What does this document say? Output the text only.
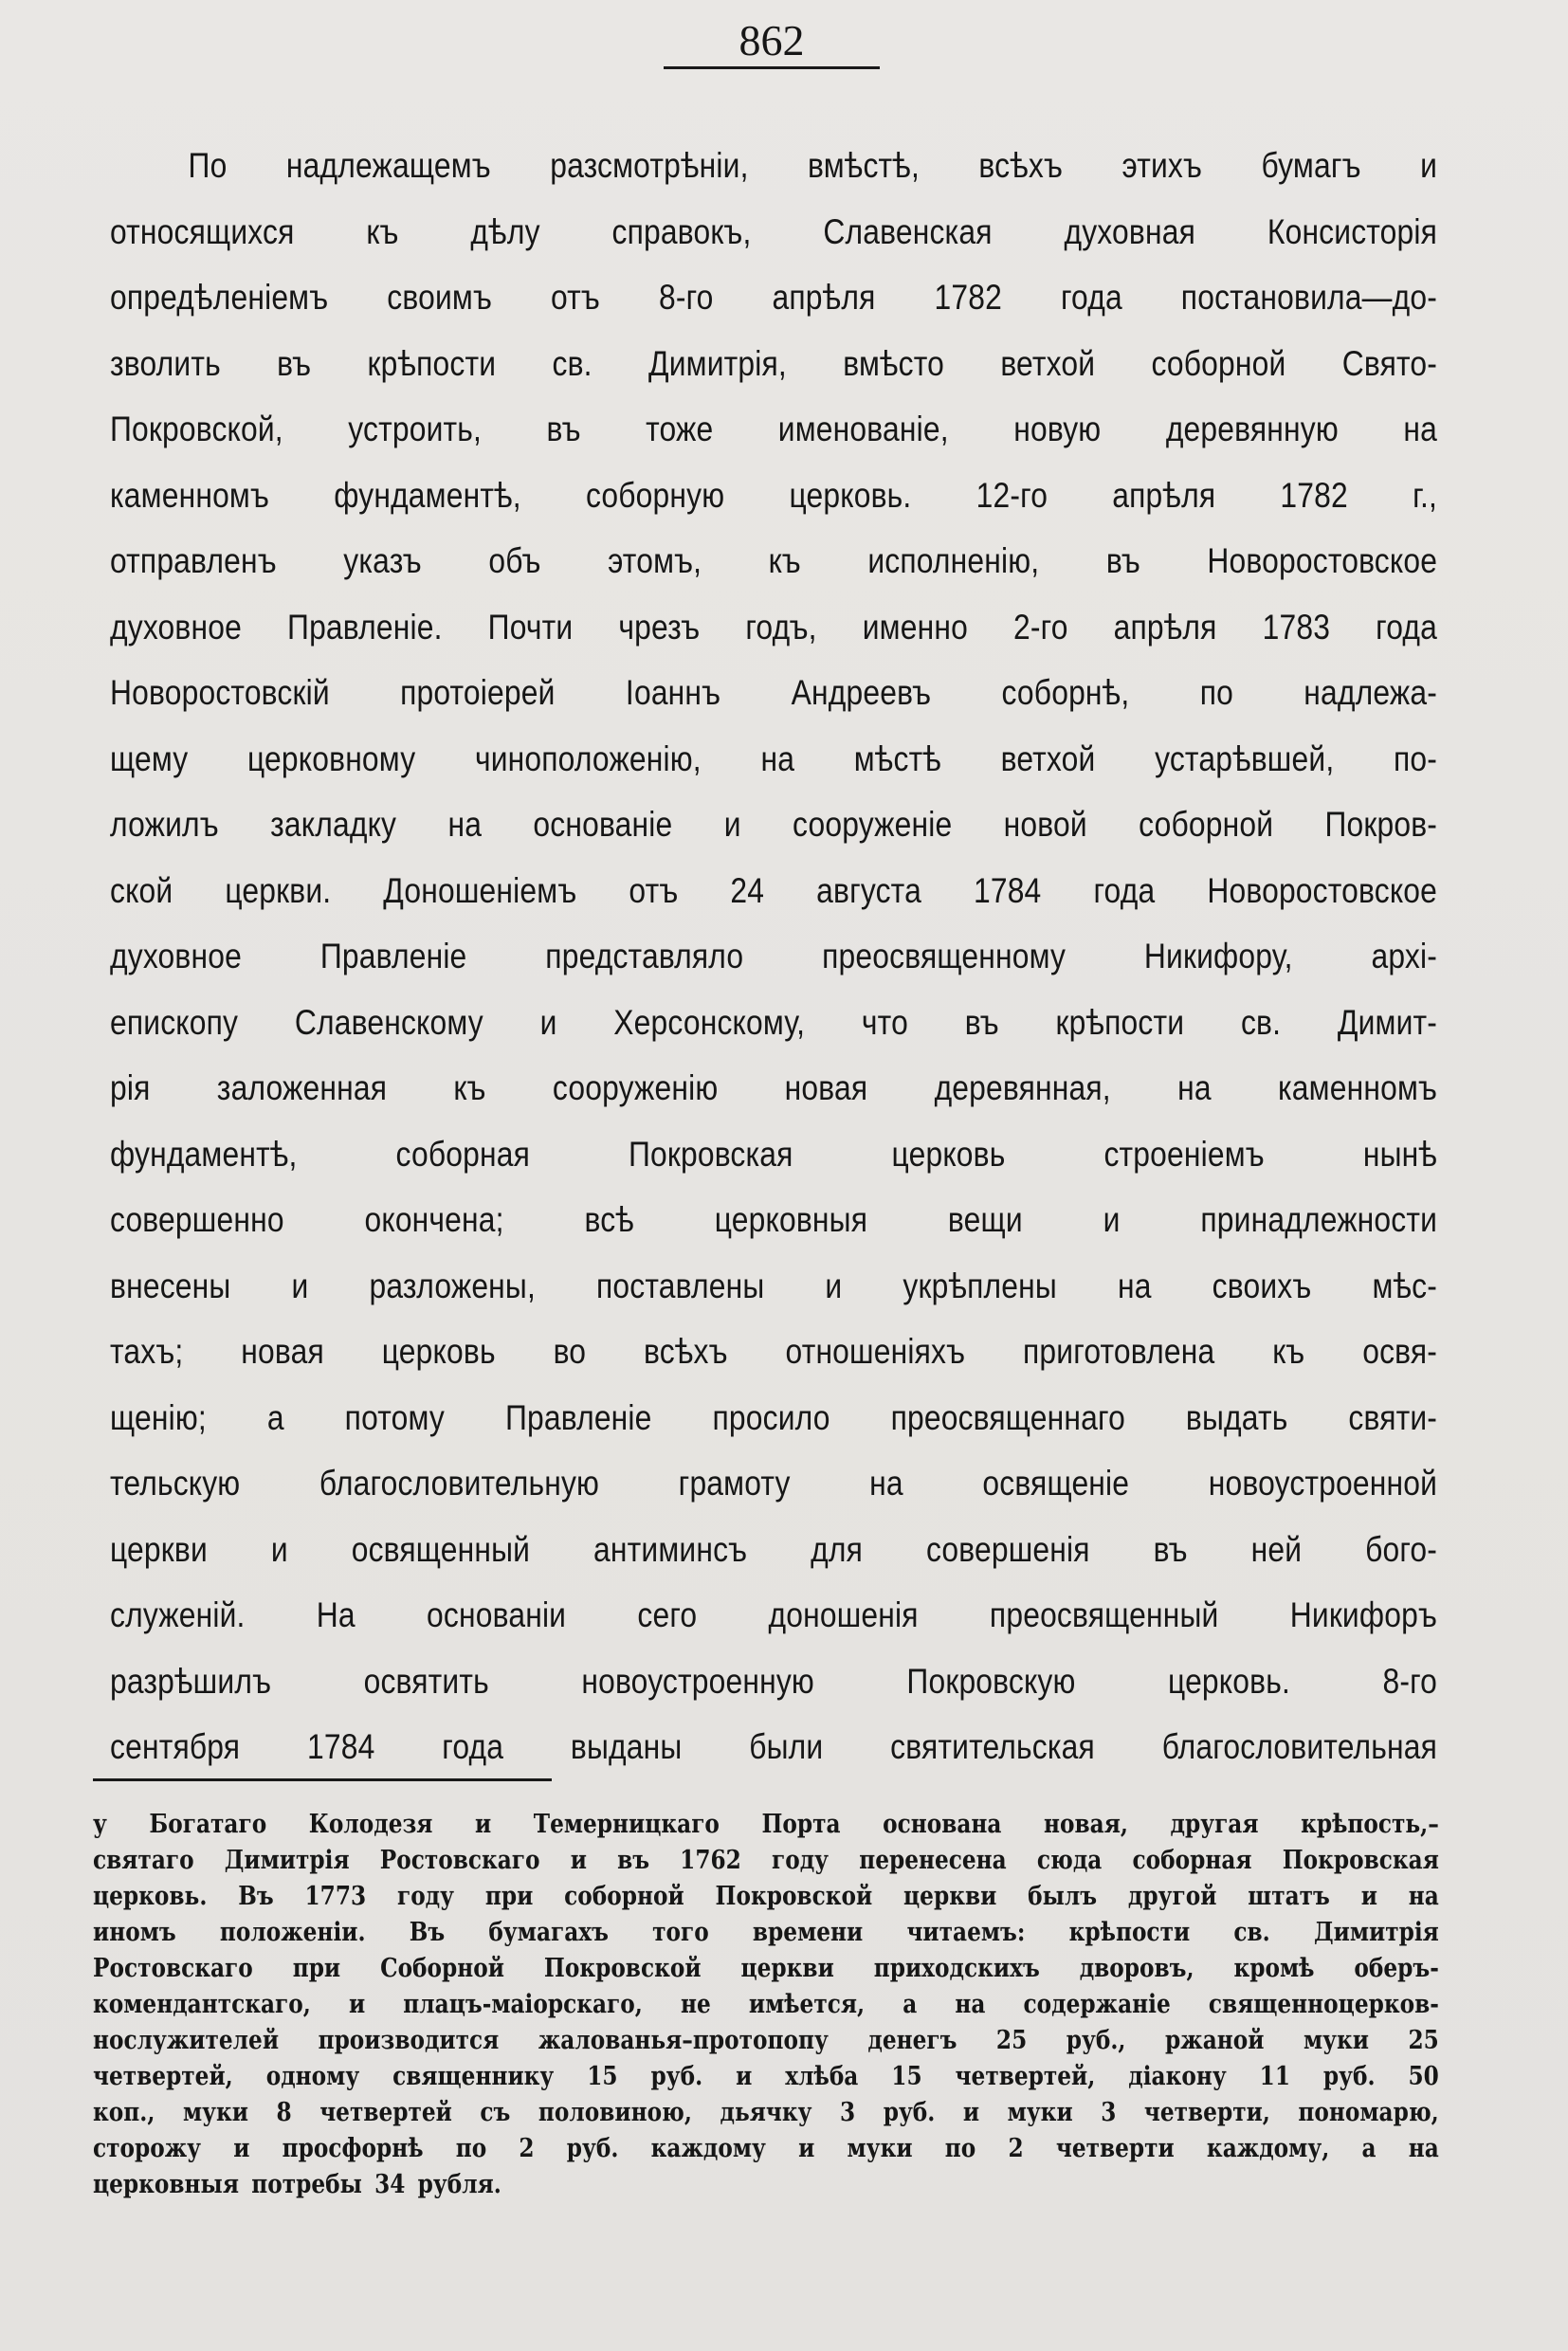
862
По надлежащемъ разсмотрѣніи, вмѣстѣ, всѣхъ этихъ бумагъ и
относящихся къ дѣлу справокъ, Славенская духовная Консисторія
опредѣленіемъ своимъ отъ 8-го апрѣля 1782 года постановила—до-
зволить въ крѣпости св. Димитрія, вмѣсто ветхой соборной Свято-
Покровской, устроить, въ тоже именованіе, новую деревянную на
каменномъ фундаментѣ, соборную церковь. 12-го апрѣля 1782 г.,
отправленъ указъ объ этомъ, къ исполненію, въ Новоростовское
духовное Правленіе. Почти чрезъ годъ, именно 2-го апрѣля 1783 года
Новоростовскій протоіерей Іоаннъ Андреевъ соборнѣ, по надлежа-
щему церковному чиноположенію, на мѣстѣ ветхой устарѣвшей, по-
ложилъ закладку на основаніе и сооруженіе новой соборной Покров-
ской церкви. Доношеніемъ отъ 24 августа 1784 года Новоростовское
духовное Правленіе представляло преосвященному Никифору, архі-
епископу Славенскому и Херсонскому, что въ крѣпости св. Димит-
рія заложенная къ сооруженію новая деревянная, на каменномъ
фундаментѣ,	соборная	Покровская	церковь	строеніемъ	нынѣ
совершенно окончена; всѣ церковныя вещи и принадлежности
внесены и разложены, поставлены и укрѣплены на своихъ мѣс-
тахъ; новая церковь во всѣхъ отношеніяхъ приготовлена къ освя-
щенію; а потому Правленіе просило преосвященнаго выдать святи-
тельскую благословительную грамоту на освященіе новоустроенной
церкви и освященный антиминсъ для совершенія въ ней бого-
служеній. На основаніи сего доношенія преосвященный Никифоръ
разрѣшилъ	освятить	новоустроенную	Покровскую	церковь.	8-го
сентября 1784 года выданы были святительская благословительная
у Богатаго Колодезя и Темерницкаго Порта основана новая, другая крѣпость,–
святаго Димитрія Ростовскаго и въ 1762 году перенесена сюда соборная Покровская
церковь. Въ 1773 году при соборной Покровской церкви былъ другой штатъ и на
иномъ положеніи. Въ бумагахъ того времени читаемъ: крѣпости св. Димитрія
Ростовскаго при Соборной Покровской церкви приходскихъ дворовъ, кромѣ оберъ-
комендантскаго, и плацъ-маіорскаго, не имѣется, а на содержаніе священноцерков-
нослужителей производится жалованья–протопопу денегъ 25 руб., ржаной муки 25
четвертей, одному священнику 15 руб. и хлѣба 15 четвертей, діакону 11 руб. 50
коп., муки 8 четвертей съ половиною, дьячку 3 руб. и муки 3 четверти, пономарю,
сторожу и просфорнѣ по 2 руб. каждому и муки по 2 четверти каждому, а на
церковныя потребы 34 рубля.
